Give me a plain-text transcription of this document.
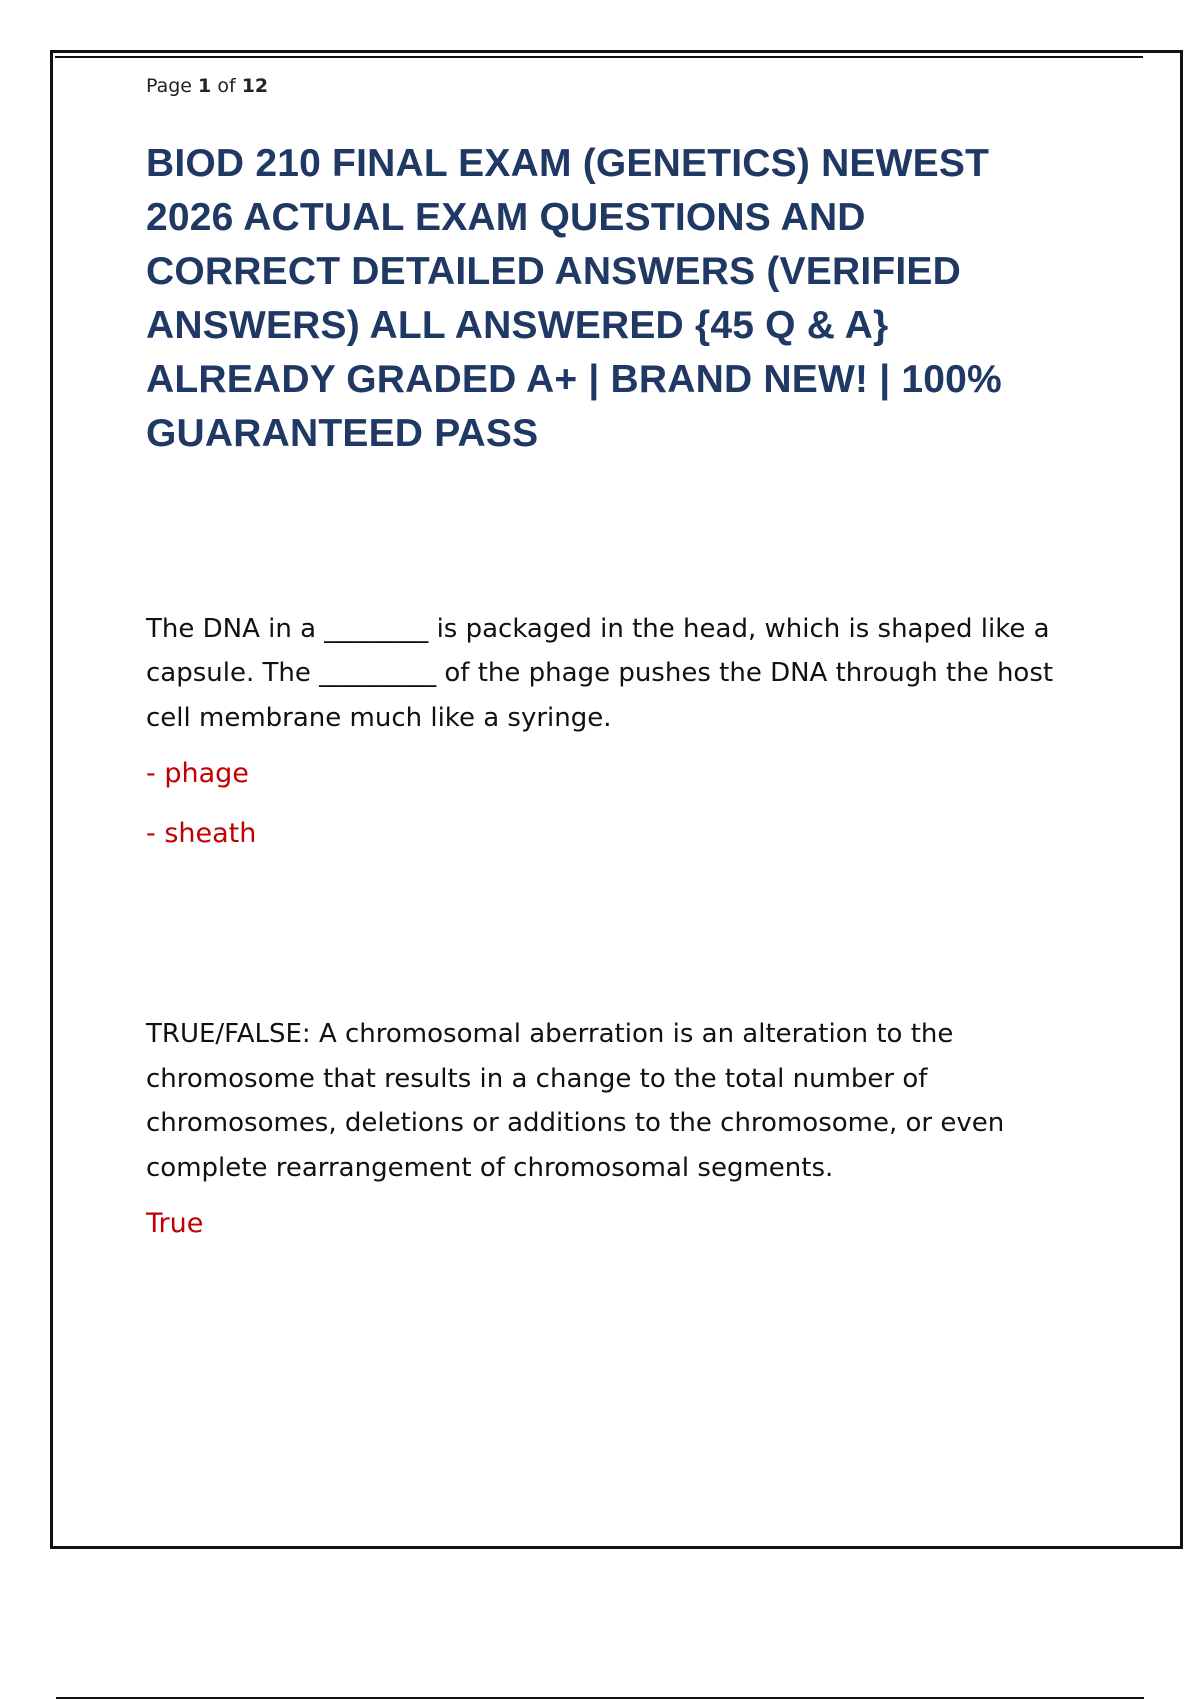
Page 1 of 12

BIOD 210 FINAL EXAM (GENETICS) NEWEST 2026 ACTUAL EXAM QUESTIONS AND CORRECT DETAILED ANSWERS (VERIFIED ANSWERS) ALL ANSWERED {45 Q & A} ALREADY GRADED A+ | BRAND NEW! | 100% GUARANTEED PASS

The DNA in a ________ is packaged in the head, which is shaped like a capsule. The _________ of the phage pushes the DNA through the host cell membrane much like a syringe.

- phage
- sheath

TRUE/FALSE: A chromosomal aberration is an alteration to the chromosome that results in a change to the total number of chromosomes, deletions or additions to the chromosome, or even complete rearrangement of chromosomal segments.

True
